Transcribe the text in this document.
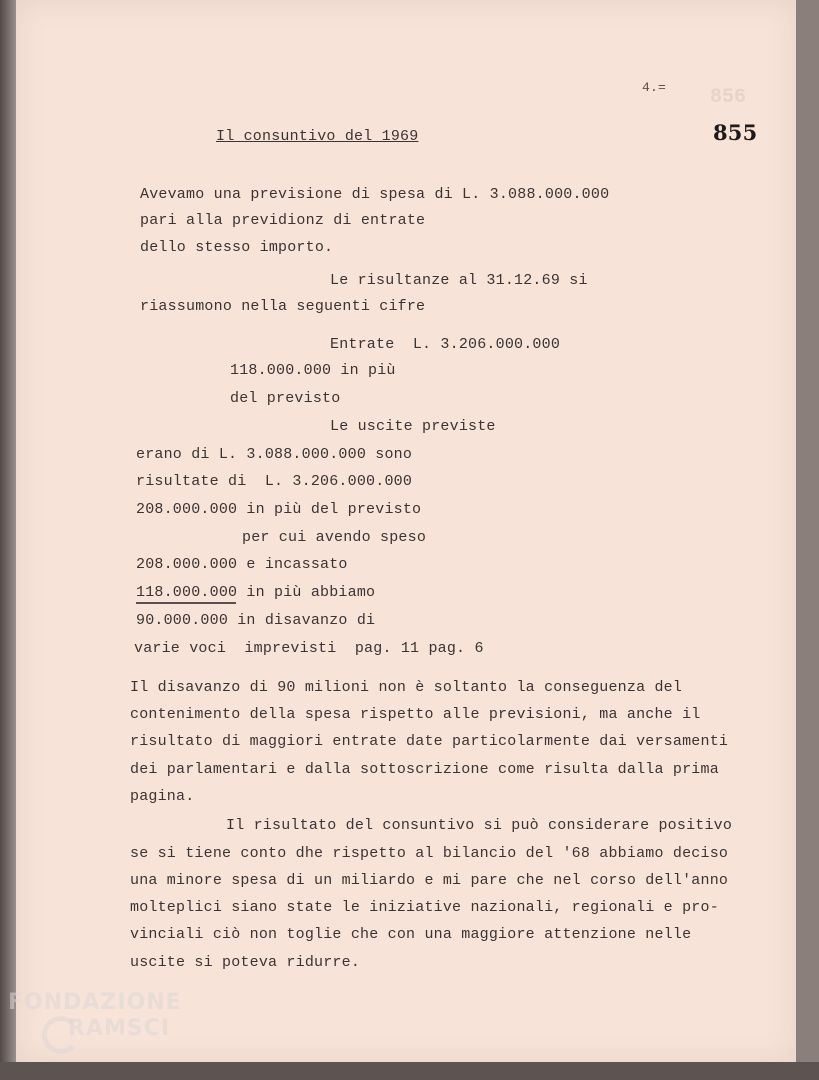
856
4.=
855
Il consuntivo del 1969
Avevamo una previsione di spesa di L. 3.088.000.000
pari alla previdionz di entrate
dello stesso importo.
Le risultanze al 31.12.69 si
riassumono nella seguenti cifre
Entrate  L. 3.206.000.000
118.000.000 in più
del previsto
Le uscite previste
erano di L. 3.088.000.000 sono
risultate di  L. 3.206.000.000
208.000.000 in più del previsto
per cui avendo speso
208.000.000 e incassato
118.000.000 in più abbiamo
90.000.000 in disavanzo di
varie voci  imprevisti  pag. 11 pag. 6
Il disavanzo di 90 milioni non è soltanto la conseguenza del
contenimento della spesa rispetto alle previsioni, ma anche il
risultato di maggiori entrate date particolarmente dai versamenti
dei parlamentari e dalla sottoscrizione come risulta dalla prima
pagina.
Il risultato del consuntivo si può considerare positivo
se si tiene conto dhe rispetto al bilancio del '68 abbiamo deciso
una minore spesa di un miliardo e mi pare che nel corso dell'anno
molteplici siano state le iniziative nazionali, regionali e pro-
vinciali ciò non toglie che con una maggiore attenzione nelle
uscite si poteva ridurre.
FONDAZIONE
RAMSCI
